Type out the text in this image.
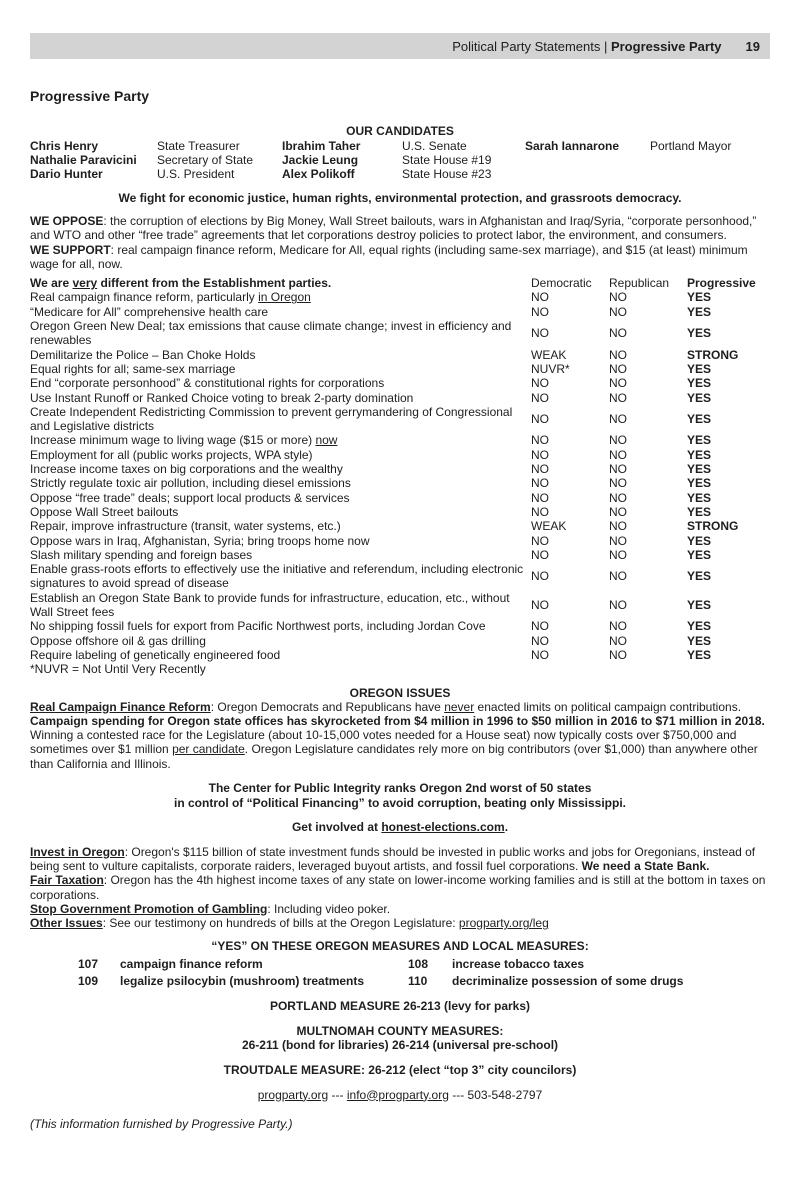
Political Party Statements | Progressive Party 19
Progressive Party
OUR CANDIDATES
Chris Henry	State Treasurer	Ibrahim Taher	U.S. Senate	Sarah Iannarone	Portland Mayor
Nathalie Paravicini	Secretary of State	Jackie Leung	State House #19
Dario Hunter	U.S. President	Alex Polikoff	State House #23
We fight for economic justice, human rights, environmental protection, and grassroots democracy.
WE OPPOSE: the corruption of elections by Big Money, Wall Street bailouts, wars in Afghanistan and Iraq/Syria, “corporate personhood,” and WTO and other “free trade” agreements that let corporations destroy policies to protect labor, the environment, and consumers.
WE SUPPORT: real campaign finance reform, Medicare for All, equal rights (including same-sex marriage), and $15 (at least) minimum wage for all, now.
We are very different from the Establishment parties.	Democratic	Republican	Progressive
Real campaign finance reform, particularly in Oregon	NO	NO	YES
“Medicare for All” comprehensive health care	NO	NO	YES
Oregon Green New Deal; tax emissions that cause climate change; invest in efficiency and renewables
NO	NO	YES
Demilitarize the Police – Ban Choke Holds	WEAK	NO	STRONG
Equal rights for all; same-sex marriage	NUVR*	NO	YES
End “corporate personhood” & constitutional rights for corporations	NO	NO	YES
Use Instant Runoff or Ranked Choice voting to break 2-party domination	NO	NO	YES
Create Independent Redistricting Commission to prevent gerrymandering of Congressional and Legislative districts
NO	NO	YES
Increase minimum wage to living wage ($15 or more) now	NO	NO	YES
Employment for all (public works projects, WPA style)	NO	NO	YES
Increase income taxes on big corporations and the wealthy	NO	NO	YES
Strictly regulate toxic air pollution, including diesel emissions	NO	NO	YES
Oppose “free trade” deals; support local products & services	NO	NO	YES
Oppose Wall Street bailouts	NO	NO	YES
Repair, improve infrastructure (transit, water systems, etc.)	WEAK	NO	STRONG
Oppose wars in Iraq, Afghanistan, Syria; bring troops home now	NO	NO	YES
Slash military spending and foreign bases	NO	NO	YES
Enable grass-roots efforts to effectively use the initiative and referendum, including electronic signatures to avoid spread of disease
NO	NO	YES
Establish an Oregon State Bank to provide funds for infrastructure, education, etc., without Wall Street fees
NO	NO	YES
No shipping fossil fuels for export from Pacific Northwest ports, including Jordan Cove	NO	NO	YES
Oppose offshore oil & gas drilling	NO	NO	YES
Require labeling of genetically engineered food	NO	NO	YES
*NUVR = Not Until Very Recently
OREGON ISSUES
Real Campaign Finance Reform: Oregon Democrats and Republicans have never enacted limits on political campaign contributions. Campaign spending for Oregon state offices has skyrocketed from $4 million in 1996 to $50 million in 2016 to $71 million in 2018. Winning a contested race for the Legislature (about 10-15,000 votes needed for a House seat) now typically costs over $750,000 and sometimes over $1 million per candidate. Oregon Legislature candidates rely more on big contributors (over $1,000) than anywhere other than California and Illinois.
The Center for Public Integrity ranks Oregon 2nd worst of 50 states
in control of “Political Financing” to avoid corruption, beating only Mississippi.
Get involved at honest-elections.com.
Invest in Oregon: Oregon's $115 billion of state investment funds should be invested in public works and jobs for Oregonians, instead of being sent to vulture capitalists, corporate raiders, leveraged buyout artists, and fossil fuel corporations. We need a State Bank.
Fair Taxation: Oregon has the 4th highest income taxes of any state on lower-income working families and is still at the bottom in taxes on corporations.
Stop Government Promotion of Gambling: Including video poker.
Other Issues: See our testimony on hundreds of bills at the Oregon Legislature: progparty.org/leg
“YES” ON THESE OREGON MEASURES AND LOCAL MEASURES:
107	campaign finance reform	108	increase tobacco taxes
109	legalize psilocybin (mushroom) treatments	110	decriminalize possession of some drugs
PORTLAND MEASURE 26-213 (levy for parks)
MULTNOMAH COUNTY MEASURES:
26-211 (bond for libraries) 26-214 (universal pre-school)
TROUTDALE MEASURE: 26-212 (elect “top 3” city councilors)
progparty.org --- info@progparty.org --- 503-548-2797
(This information furnished by Progressive Party.)
